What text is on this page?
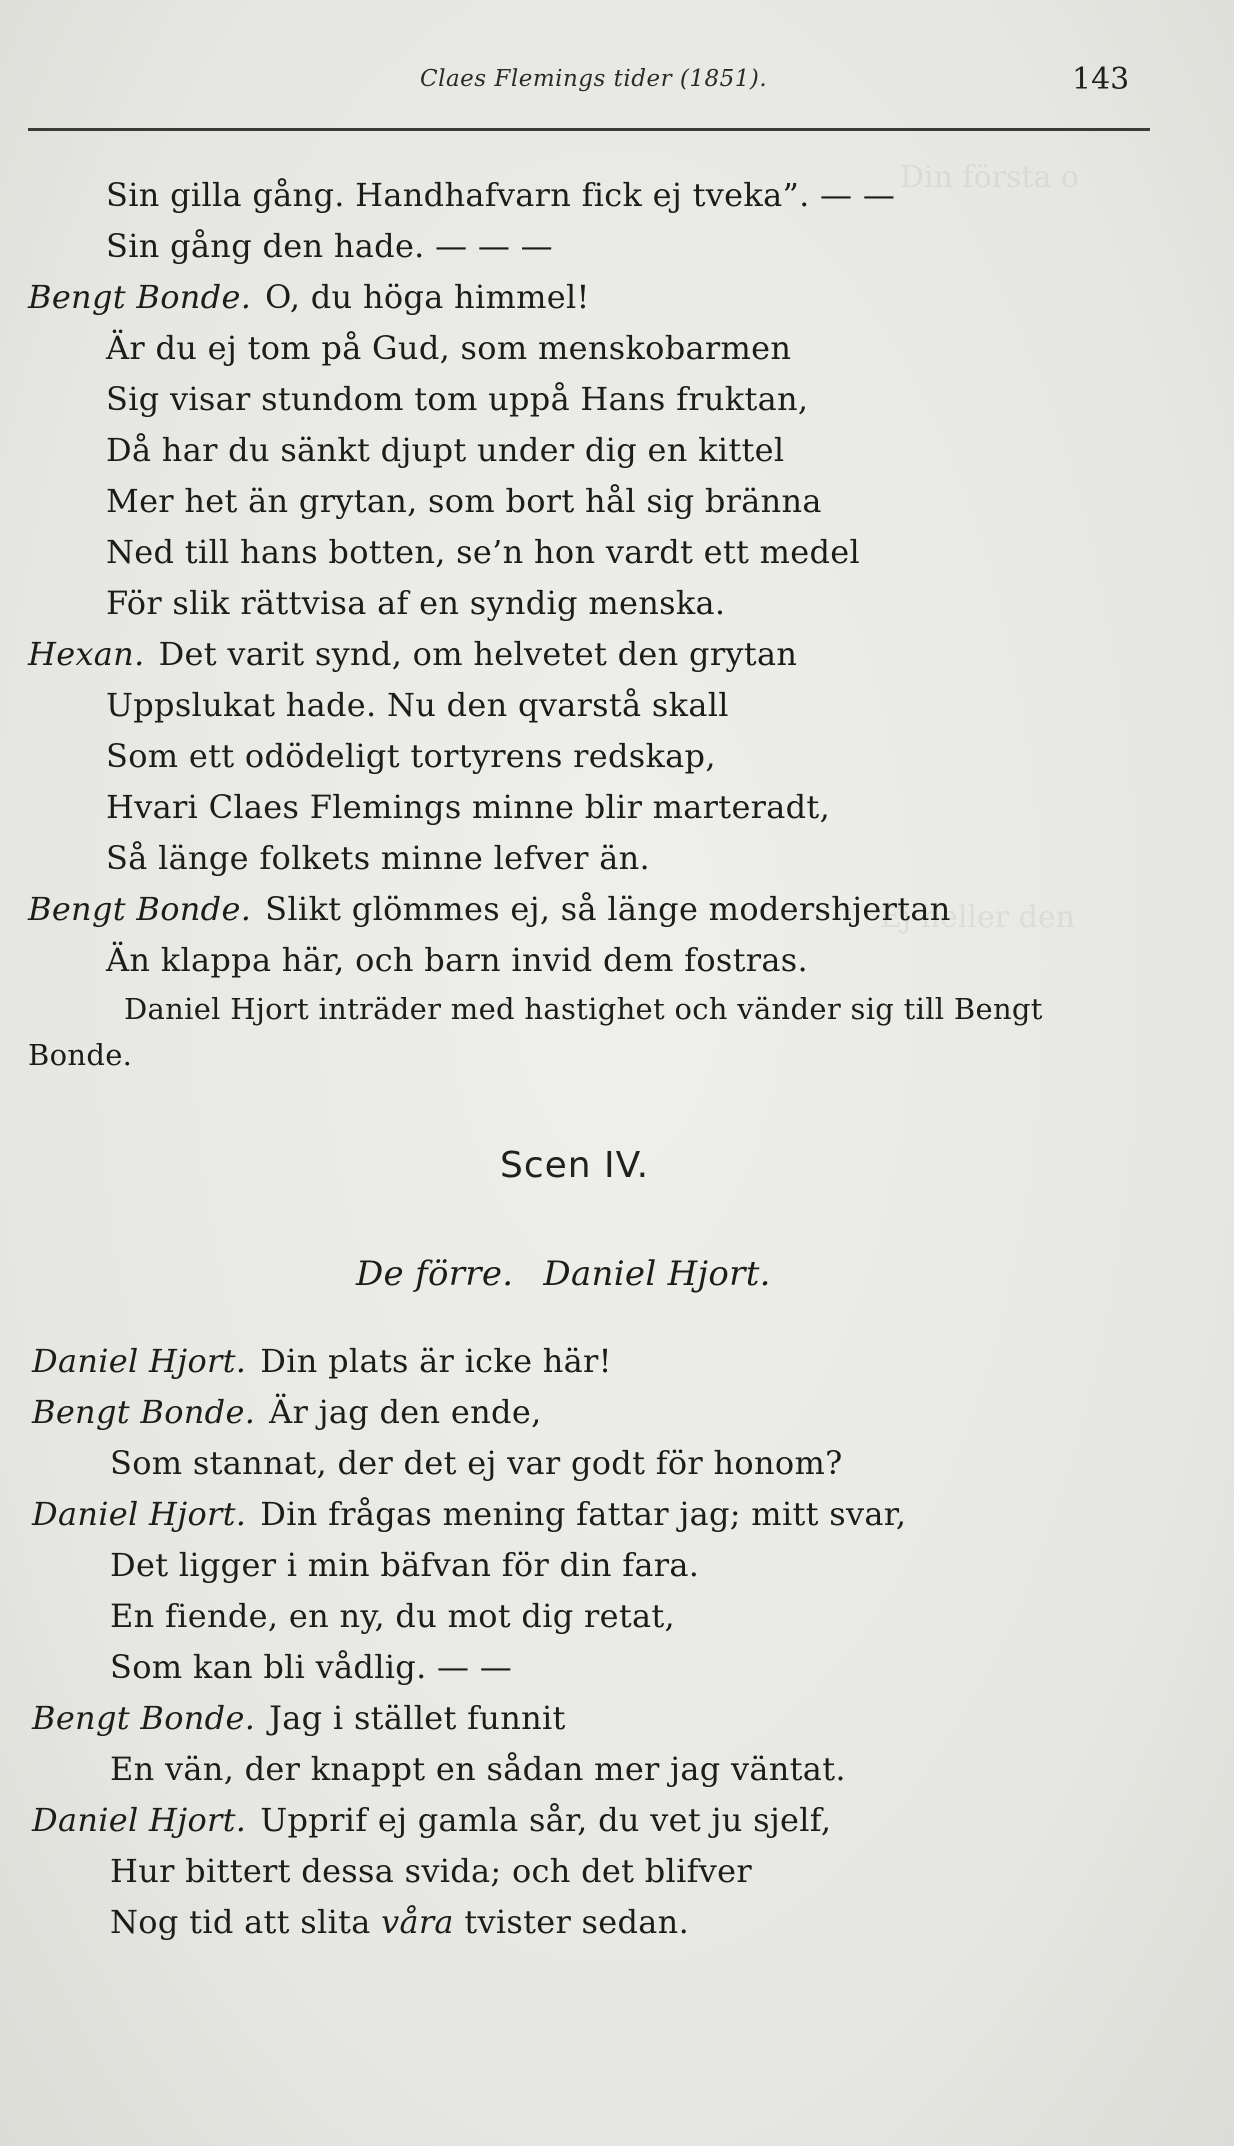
Din första o
Ej heller den
Claes Flemings tider (1851).	143
Sin gilla gång. Handhafvarn fick ej tveka”. — —
Sin gång den hade. — — —
Bengt Bonde. O, du höga himmel!
Är du ej tom på Gud, som menskobarmen
Sig visar stundom tom uppå Hans fruktan,
Då har du sänkt djupt under dig en kittel
Mer het än grytan, som bort hål sig bränna
Ned till hans botten, se’n hon vardt ett medel
För slik rättvisa af en syndig menska.
Hexan. Det varit synd, om helvetet den grytan
Uppslukat hade. Nu den qvarstå skall
Som ett odödeligt tortyrens redskap,
Hvari Claes Flemings minne blir marteradt,
Så länge folkets minne lefver än.
Bengt Bonde. Slikt glömmes ej, så länge modershjertan
Än klappa här, och barn invid dem fostras.
Daniel Hjort inträder med hastighet och vänder sig till Bengt
Bonde.
Scen IV.
De förre. Daniel Hjort.
Daniel Hjort. Din plats är icke här!
Bengt Bonde. Är jag den ende,
Som stannat, der det ej var godt för honom?
Daniel Hjort. Din frågas mening fattar jag; mitt svar,
Det ligger i min bäfvan för din fara.
En fiende, en ny, du mot dig retat,
Som kan bli vådlig. — —
Bengt Bonde. Jag i stället funnit
En vän, der knappt en sådan mer jag väntat.
Daniel Hjort. Upprif ej gamla sår, du vet ju sjelf,
Hur bittert dessa svida; och det blifver
Nog tid att slita våra tvister sedan.
